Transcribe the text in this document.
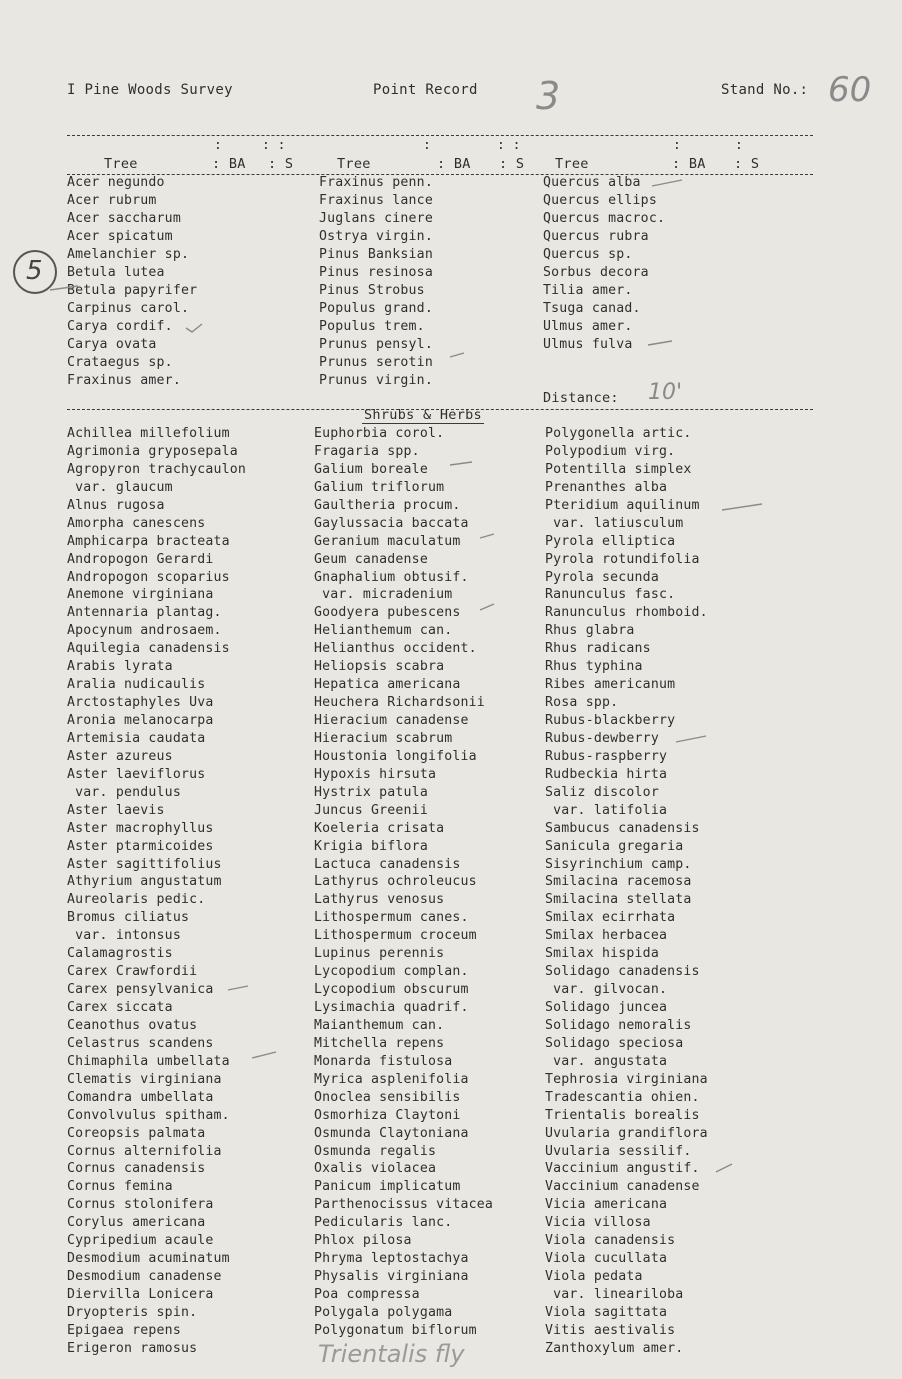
I Pine Woods Survey	Point Record	Stand No.:
3	60
:	: :	:	: :	:	:
Tree	: BA : S	Tree	: BA : S Tree	: BA : S
Acer negundo
Acer rubrum
Acer saccharum
Acer spicatum
Amelanchier sp.
Betula lutea
Betula papyrifer
Carpinus carol.
Carya cordif.
Carya ovata
Crataegus sp.
Fraxinus amer.
Fraxinus penn.
Fraxinus lance
Juglans cinere
Ostrya virgin.
Pinus Banksian
Pinus resinosa
Pinus Strobus
Populus grand.
Populus trem.
Prunus pensyl.
Prunus serotin
Prunus virgin.
Quercus alba
Quercus ellips
Quercus macroc.
Quercus rubra
Quercus sp.
Sorbus decora
Tilia amer.
Tsuga canad.
Ulmus amer.
Ulmus fulva
Distance: 10'
Shrubs & Herbs
Achillea millefolium
Agrimonia gryposepala
Agropyron trachycaulon
var. glaucum
Alnus rugosa
Amorpha canescens
Amphicarpa bracteata
Andropogon Gerardi
Andropogon scoparius
Anemone virginiana
Antennaria plantag.
Apocynum androsaem.
Aquilegia canadensis
Arabis lyrata
Aralia nudicaulis
Arctostaphyles Uva
Aronia melanocarpa
Artemisia caudata
Aster azureus
Aster laeviflorus
var. pendulus
Aster laevis
Aster macrophyllus
Aster ptarmicoides
Aster sagittifolius
Athyrium angustatum
Aureolaris pedic.
Bromus ciliatus
var. intonsus
Calamagrostis
Carex Crawfordii
Carex pensylvanica
Carex siccata
Ceanothus ovatus
Celastrus scandens
Chimaphila umbellata
Clematis virginiana
Comandra umbellata
Convolvulus spitham.
Coreopsis palmata
Cornus alternifolia
Cornus canadensis
Cornus femina
Cornus stolonifera
Corylus americana
Cypripedium acaule
Desmodium acuminatum
Desmodium canadense
Diervilla Lonicera
Dryopteris spin.
Epigaea repens
Erigeron ramosus
Euphorbia corol.
Fragaria spp.
Galium boreale
Galium triflorum
Gaultheria procum.
Gaylussacia baccata
Geranium maculatum
Geum canadense
Gnaphalium obtusif.
var. micradenium
Goodyera pubescens
Helianthemum can.
Helianthus occident.
Heliopsis scabra
Hepatica americana
Heuchera Richardsonii
Hieracium canadense
Hieracium scabrum
Houstonia longifolia
Hypoxis hirsuta
Hystrix patula
Juncus Greenii
Koeleria crisata
Krigia biflora
Lactuca canadensis
Lathyrus ochroleucus
Lathyrus venosus
Lithospermum canes.
Lithospermum croceum
Lupinus perennis
Lycopodium complan.
Lycopodium obscurum
Lysimachia quadrif.
Maianthemum can.
Mitchella repens
Monarda fistulosa
Myrica asplenifolia
Onoclea sensibilis
Osmorhiza Claytoni
Osmunda Claytoniana
Osmunda regalis
Oxalis violacea
Panicum implicatum
Parthenocissus vitacea
Pedicularis lanc.
Phlox pilosa
Phryma leptostachya
Physalis virginiana
Poa compressa
Polygala polygama
Polygonatum biflorum
Polygonella artic.
Polypodium virg.
Potentilla simplex
Prenanthes alba
Pteridium aquilinum
var. latiusculum
Pyrola elliptica
Pyrola rotundifolia
Pyrola secunda
Ranunculus fasc.
Ranunculus rhomboid.
Rhus glabra
Rhus radicans
Rhus typhina
Ribes americanum
Rosa spp.
Rubus-blackberry
Rubus-dewberry
Rubus-raspberry
Rudbeckia hirta
Saliz discolor
var. latifolia
Sambucus canadensis
Sanicula gregaria
Sisyrinchium camp.
Smilacina racemosa
Smilacina stellata
Smilax ecirrhata
Smilax herbacea
Smilax hispida
Solidago canadensis
var. gilvocan.
Solidago juncea
Solidago nemoralis
Solidago speciosa
var. angustata
Tephrosia virginiana
Tradescantia ohien.
Trientalis borealis
Uvularia grandiflora
Uvularia sessilif.
Vaccinium angustif.
Vaccinium canadense
Vicia americana
Vicia villosa
Viola canadensis
Viola cucullata
Viola pedata
var. lineariloba
Viola sagittata
Vitis aestivalis
Zanthoxylum amer.
5
Trientalis fly
